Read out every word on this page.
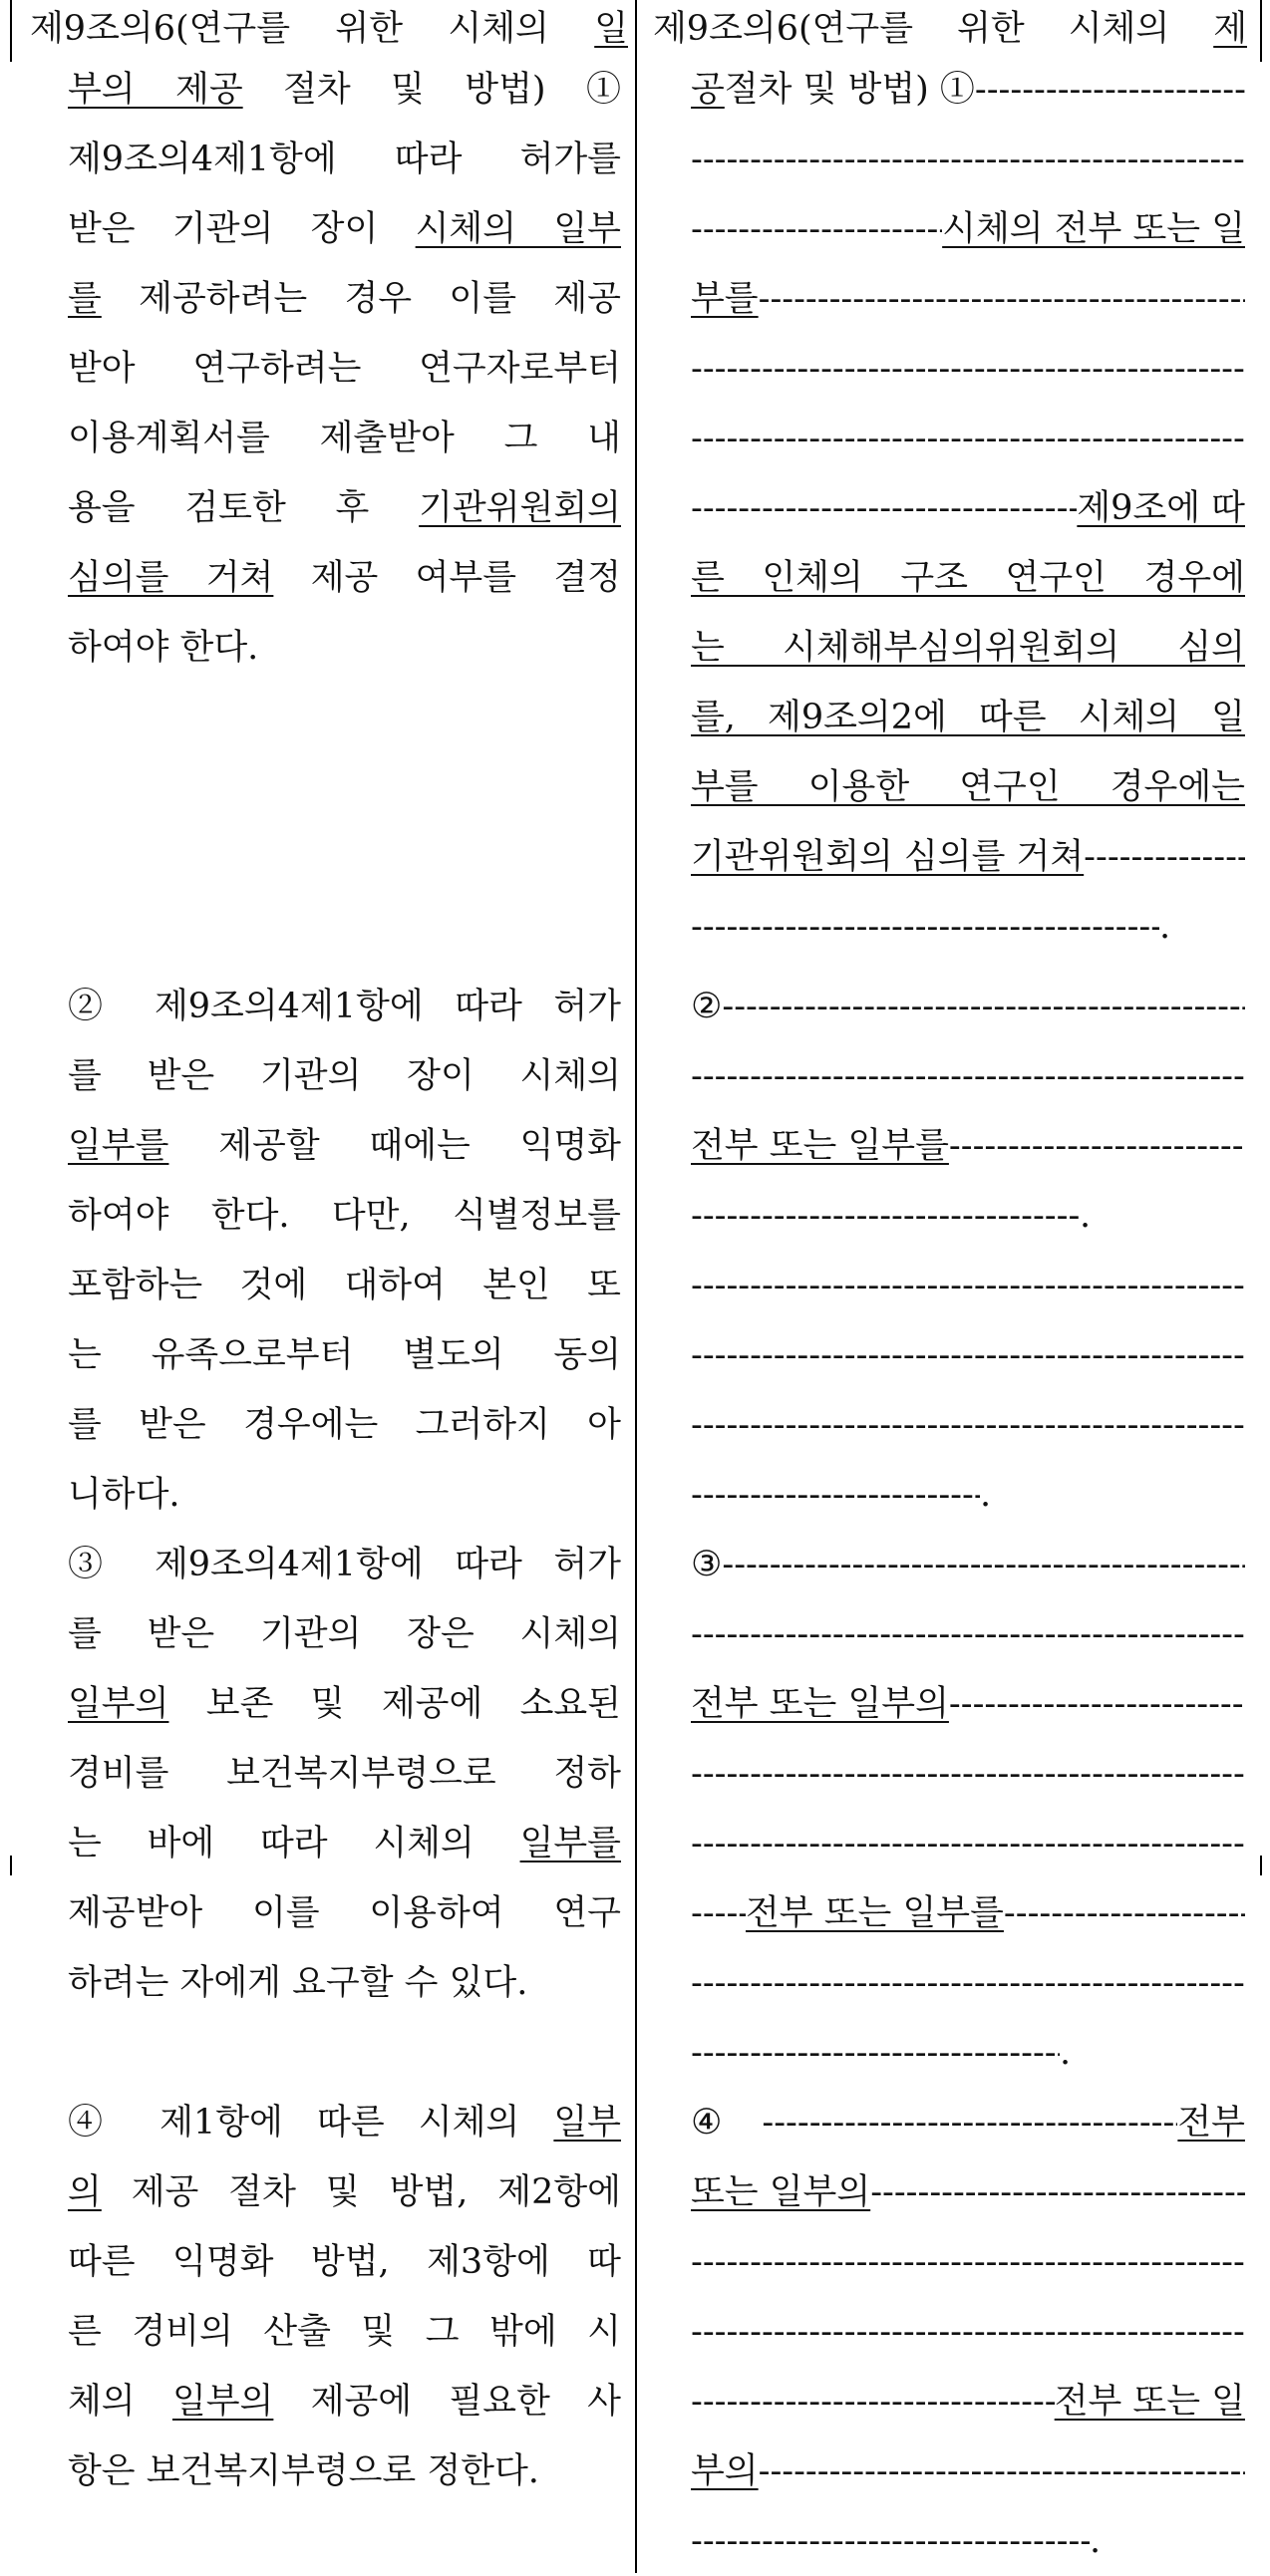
제9조의6(연구를 위한 시체의 일 제9조의6(연구를 위한 시체의 제
부의 제공 절차 및 방법) ①
제9조의4제1항에 따라 허가를
받은 기관의 장이 시체의 일부
를 제공하려는 경우 이를 제공
받아 연구하려는 연구자로부터
이용계획서를 제출받아 그 내
용을 검토한 후 기관위원회의
심의를 거쳐 제공 여부를 결정
하여야 한다.
② 제9조의4제1항에 따라 허가
를 받은 기관의 장이 시체의
일부를 제공할 때에는 익명화
하여야 한다. 다만, 식별정보를
포함하는 것에 대하여 본인 또
는 유족으로부터 별도의 동의
를 받은 경우에는 그러하지 아
니하다.
③ 제9조의4제1항에 따라 허가
를 받은 기관의 장은 시체의
일부의 보존 및 제공에 소요된
경비를 보건복지부령으로 정하
는 바에 따라 시체의 일부를
제공받아 이를 이용하여 연구
하려는 자에게 요구할 수 있다.
④ 제1항에 따른 시체의 일부
의 제공 절차 및 방법, 제2항에
따른 익명화 방법, 제3항에 따
른 경비의 산출 및 그 밖에 시
체의 일부의 제공에 필요한 사
항은 보건복지부령으로 정한다.
공 절차 및 방법) ①
-----
-----
-----
시체의 전부 또는 일
부를
-----
-----
-----
-----
제9조에 따
른 인체의 구조 연구인 경우에
는 시체해부심의위원회의 심의
를, 제9조의2에 따른 시체의 일
부를 이용한 연구인 경우에는
기관위원회의 심의를 거쳐
-----
-----
.
②
-----
-----
전부 또는 일부를
-----
-----
.
-----
-----
-----
-----
.
③
-----
-----
전부 또는 일부의
-----
-----
-----
-----
전부 또는 일부를
-----
-----
-----
.
④
-----	전부
또는 일부의
-----
-----
-----
-----
전부 또는 일
부의
-----
-----
.
